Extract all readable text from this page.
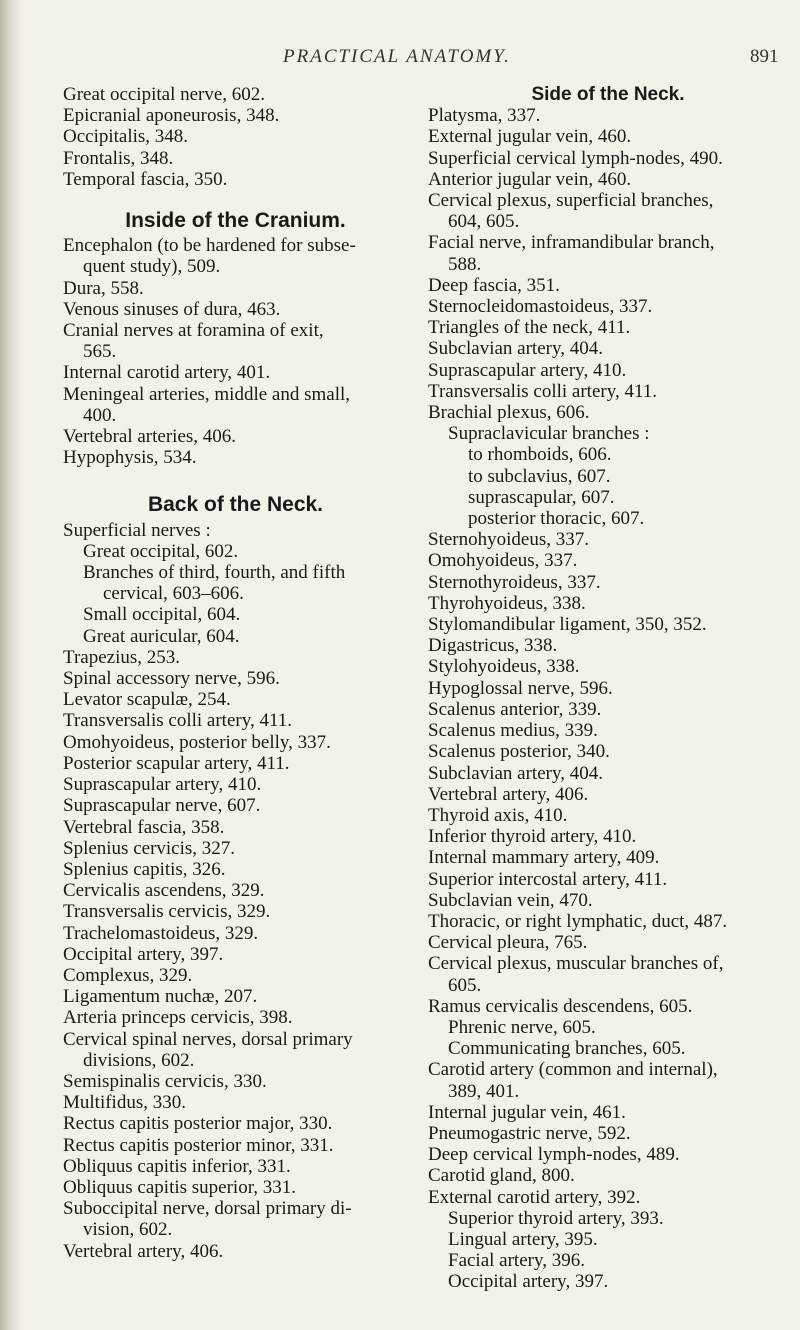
PRACTICAL ANATOMY.	891
Great occipital nerve, 602.
Epicranial aponeurosis, 348.
Occipitalis, 348.
Frontalis, 348.
Temporal fascia, 350.
Inside of the Cranium.
Encephalon (to be hardened for subse-
quent study), 509.
Dura, 558.
Venous sinuses of dura, 463.
Cranial nerves at foramina of exit,
565.
Internal carotid artery, 401.
Meningeal arteries, middle and small,
400.
Vertebral arteries, 406.
Hypophysis, 534.
Back of the Neck.
Superficial nerves :
Great occipital, 602.
Branches of third, fourth, and fifth
cervical, 603–606.
Small occipital, 604.
Great auricular, 604.
Trapezius, 253.
Spinal accessory nerve, 596.
Levator scapulæ, 254.
Transversalis colli artery, 411.
Omohyoideus, posterior belly, 337.
Posterior scapular artery, 411.
Suprascapular artery, 410.
Suprascapular nerve, 607.
Vertebral fascia, 358.
Splenius cervicis, 327.
Splenius capitis, 326.
Cervicalis ascendens, 329.
Transversalis cervicis, 329.
Trachelomastoideus, 329.
Occipital artery, 397.
Complexus, 329.
Ligamentum nuchæ, 207.
Arteria princeps cervicis, 398.
Cervical spinal nerves, dorsal primary
divisions, 602.
Semispinalis cervicis, 330.
Multifidus, 330.
Rectus capitis posterior major, 330.
Rectus capitis posterior minor, 331.
Obliquus capitis inferior, 331.
Obliquus capitis superior, 331.
Suboccipital nerve, dorsal primary di-
vision, 602.
Vertebral artery, 406.
Side of the Neck.
Platysma, 337.
External jugular vein, 460.
Superficial cervical lymph-nodes, 490.
Anterior jugular vein, 460.
Cervical plexus, superficial branches,
604, 605.
Facial nerve, inframandibular branch,
588.
Deep fascia, 351.
Sternocleidomastoideus, 337.
Triangles of the neck, 411.
Subclavian artery, 404.
Suprascapular artery, 410.
Transversalis colli artery, 411.
Brachial plexus, 606.
Supraclavicular branches :
to rhomboids, 606.
to subclavius, 607.
suprascapular, 607.
posterior thoracic, 607.
Sternohyoideus, 337.
Omohyoideus, 337.
Sternothyroideus, 337.
Thyrohyoideus, 338.
Stylomandibular ligament, 350, 352.
Digastricus, 338.
Stylohyoideus, 338.
Hypoglossal nerve, 596.
Scalenus anterior, 339.
Scalenus medius, 339.
Scalenus posterior, 340.
Subclavian artery, 404.
Vertebral artery, 406.
Thyroid axis, 410.
Inferior thyroid artery, 410.
Internal mammary artery, 409.
Superior intercostal artery, 411.
Subclavian vein, 470.
Thoracic, or right lymphatic, duct, 487.
Cervical pleura, 765.
Cervical plexus, muscular branches of,
605.
Ramus cervicalis descendens, 605.
Phrenic nerve, 605.
Communicating branches, 605.
Carotid artery (common and internal),
389, 401.
Internal jugular vein, 461.
Pneumogastric nerve, 592.
Deep cervical lymph-nodes, 489.
Carotid gland, 800.
External carotid artery, 392.
Superior thyroid artery, 393.
Lingual artery, 395.
Facial artery, 396.
Occipital artery, 397.
